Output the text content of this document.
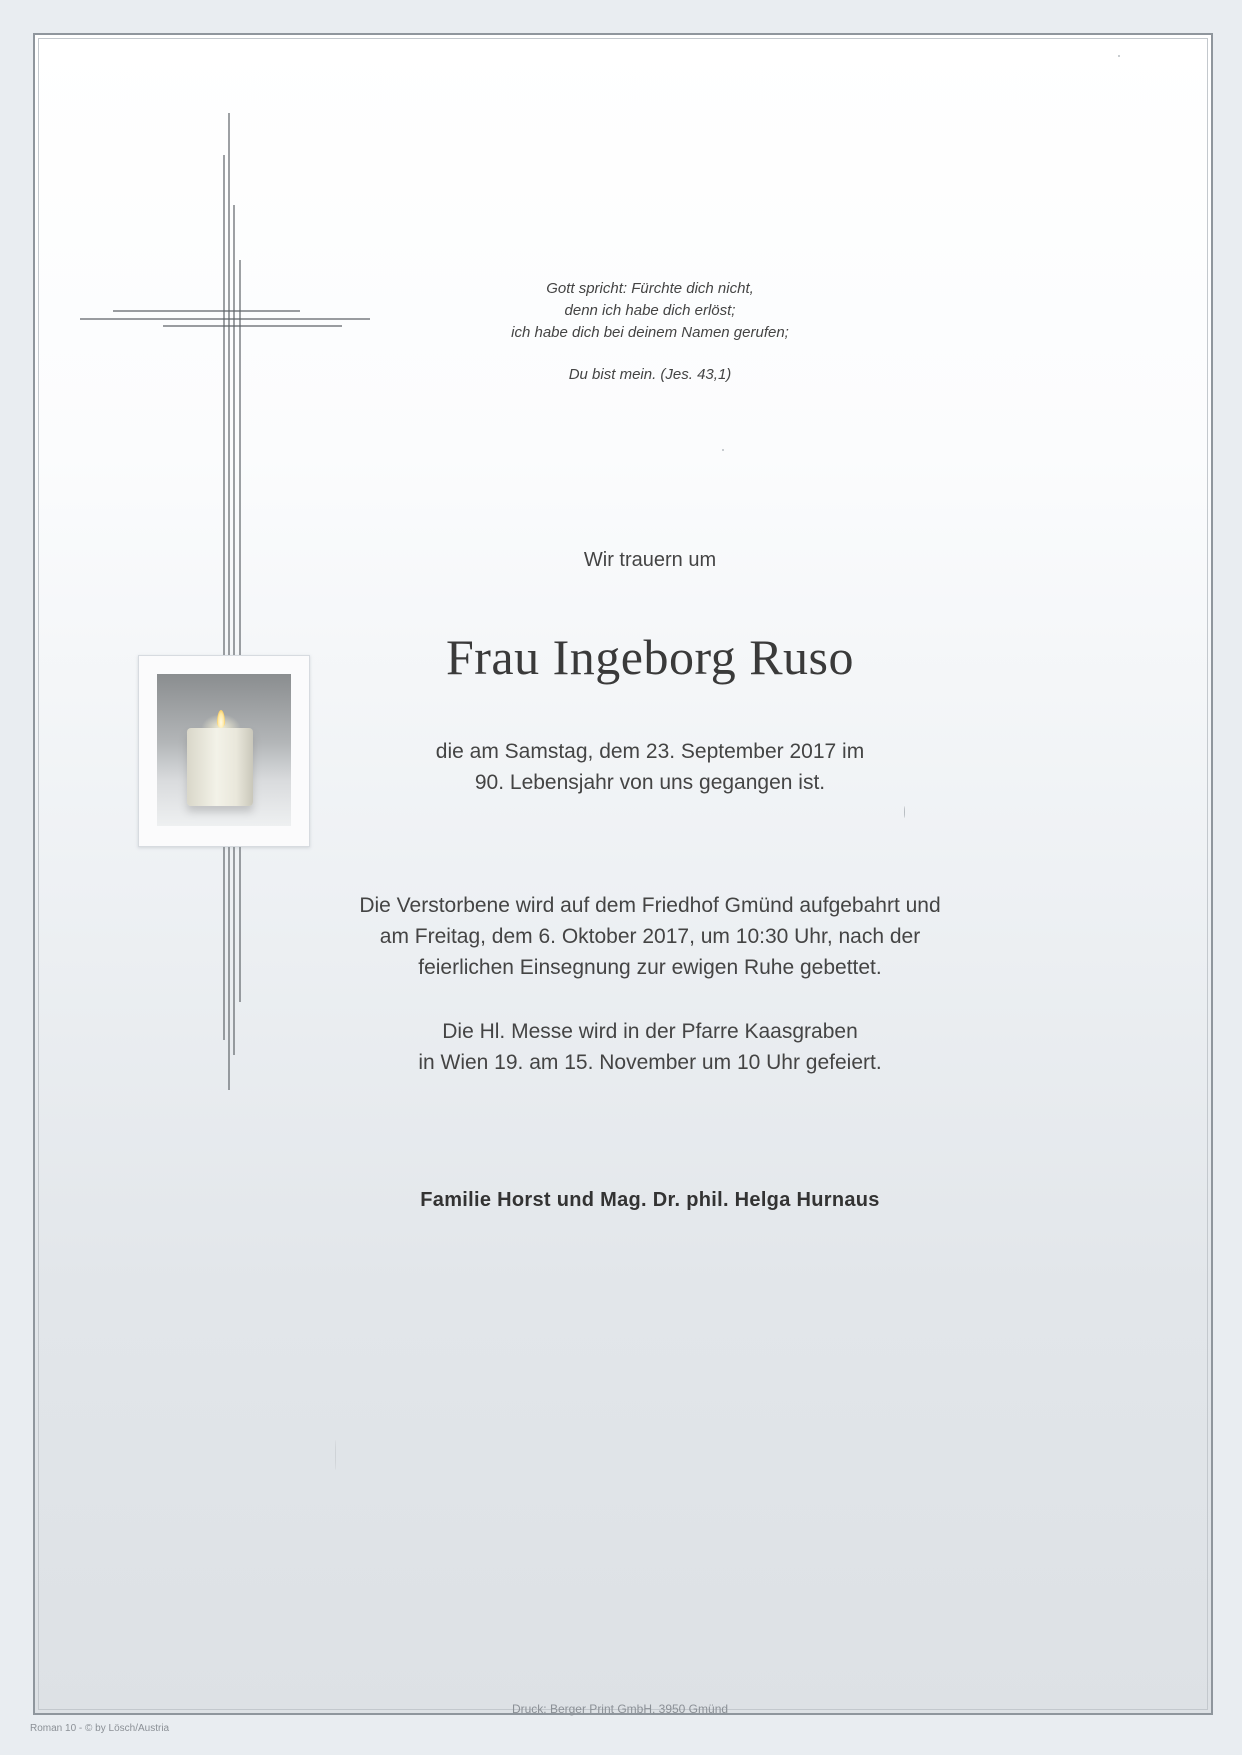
Gott spricht: Fürchte dich nicht,
denn ich habe dich erlöst;
ich habe dich bei deinem Namen gerufen;
Du bist mein. (Jes. 43,1)
Wir trauern um
Frau Ingeborg Ruso
die am Samstag, dem 23. September 2017 im
90. Lebensjahr von uns gegangen ist.
Die Verstorbene wird auf dem Friedhof Gmünd aufgebahrt und
am Freitag, dem 6. Oktober 2017, um 10:30 Uhr, nach der
feierlichen Einsegnung zur ewigen Ruhe gebettet.
Die Hl. Messe wird in der Pfarre Kaasgraben
in Wien 19. am 15. November um 10 Uhr gefeiert.
Familie Horst und Mag. Dr. phil. Helga Hurnaus
Druck: Berger Print GmbH, 3950 Gmünd
Roman 10 - © by Lösch/Austria
